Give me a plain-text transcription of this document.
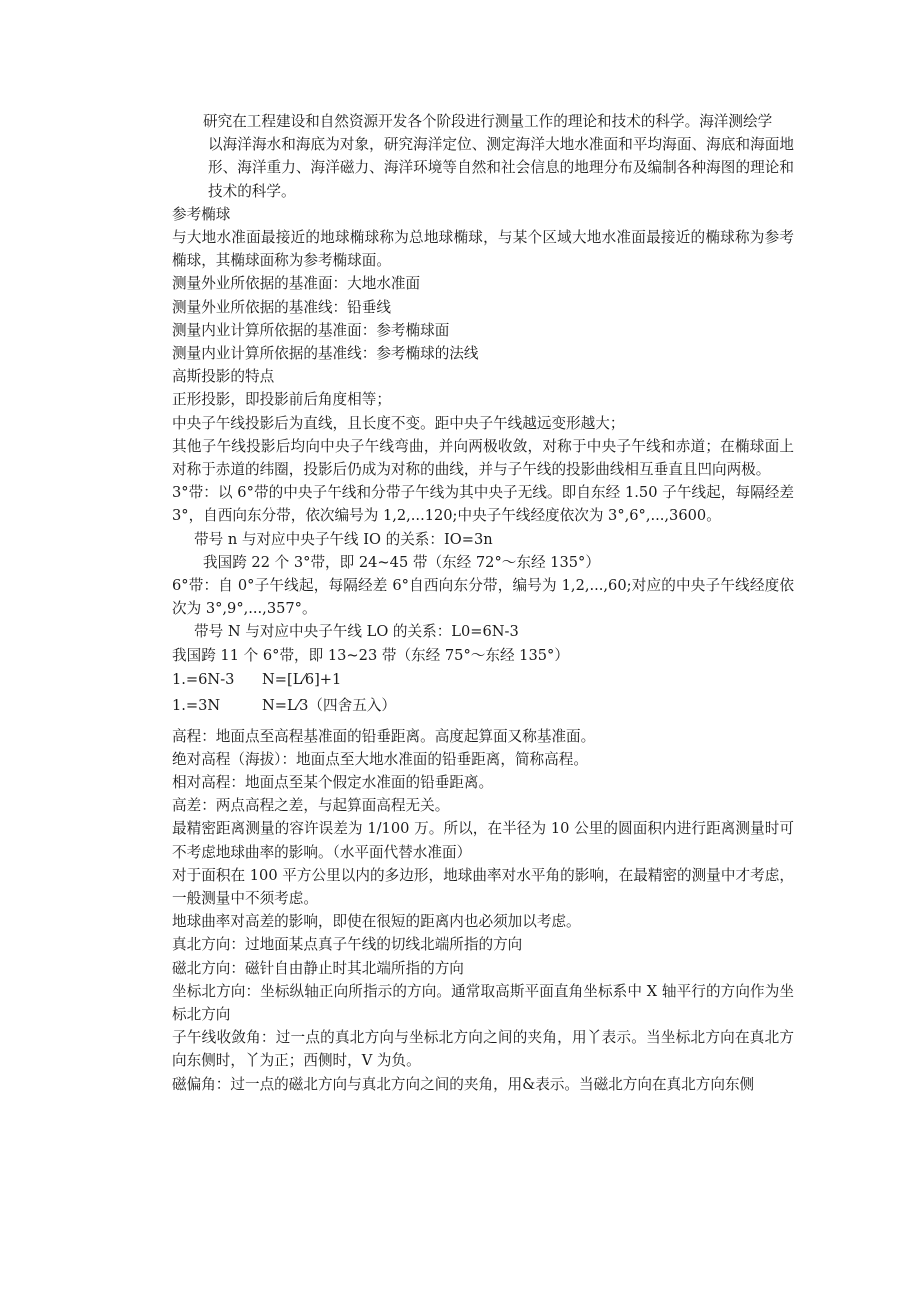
研究在工程建设和自然资源开发各个阶段进行测量工作的理论和技术的科学。海洋测绘学

以海洋海水和海底为对象，研究海洋定位、测定海洋大地水准面和平均海面、海底和海面地形、海洋重力、海洋磁力、海洋环境等自然和社会信息的地理分布及编制各种海图的理论和技术的科学。

参考椭球

与大地水准面最接近的地球椭球称为总地球椭球，与某个区域大地水准面最接近的椭球称为参考椭球，其椭球面称为参考椭球面。

测量外业所依据的基准面：大地水准面
测量外业所依据的基准线：铅垂线
测量内业计算所依据的基准面：参考椭球面
测量内业计算所依据的基准线：参考椭球的法线
高斯投影的特点
正形投影，即投影前后角度相等；
中央子午线投影后为直线，且长度不变。距中央子午线越远变形越大；

其他子午线投影后均向中央子午线弯曲，并向两极收敛，对称于中央子午线和赤道；在椭球面上对称于赤道的纬圈，投影后仍成为对称的曲线，并与子午线的投影曲线相互垂直且凹向两极。

3°带：以 6°带的中央子午线和分带子午线为其中央子无线。即自东经 1.50 子午线起，每隔经差 3°，自西向东分带，依次编号为 1,2,...120;中央子午线经度依次为 3°,6°,...,3600。

带号 n 与对应中央子午线 IO 的关系：IO=3n
我国跨 22 个 3°带，即 24~45 带（东经 72°～东经 135°）

6°带：自 0°子午线起，每隔经差 6°自西向东分带，编号为 1,2,...,60;对应的中央子午线经度依次为 3°,9°,...,357°。

带号 N 与对应中央子午线 LO 的关系：L0=6N-3
我国跨 11 个 6°带，即 13~23 带（东经 75°～东经 135°）
1.=6N-3	N=[L⁄6]+1
1.=3N	N=L⁄3（四舍五入）
高程：地面点至高程基准面的铅垂距离。高度起算面又称基准面。
绝对高程（海拔）：地面点至大地水准面的铅垂距离，简称高程。
相对高程：地面点至某个假定水准面的铅垂距离。
高差：两点高程之差，与起算面高程无关。

最精密距离测量的容许误差为 1/100 万。所以，在半径为 10 公里的圆面积内进行距离测量时可不考虑地球曲率的影响。（水平面代替水准面）

对于面积在 100 平方公里以内的多边形，地球曲率对水平角的影响，在最精密的测量中才考虑，一般测量中不须考虑。

地球曲率对高差的影响，即使在很短的距离内也必须加以考虑。
真北方向：过地面某点真子午线的切线北端所指的方向
磁北方向：磁针自由静止时其北端所指的方向

坐标北方向：坐标纵轴正向所指示的方向。通常取高斯平面直角坐标系中 X 轴平行的方向作为坐标北方向

子午线收敛角：过一点的真北方向与坐标北方向之间的夹角，用丫表示。当坐标北方向在真北方向东侧时，丫为正；西侧时，V 为负。

磁偏角：过一点的磁北方向与真北方向之间的夹角，用&表示。当磁北方向在真北方向东侧
